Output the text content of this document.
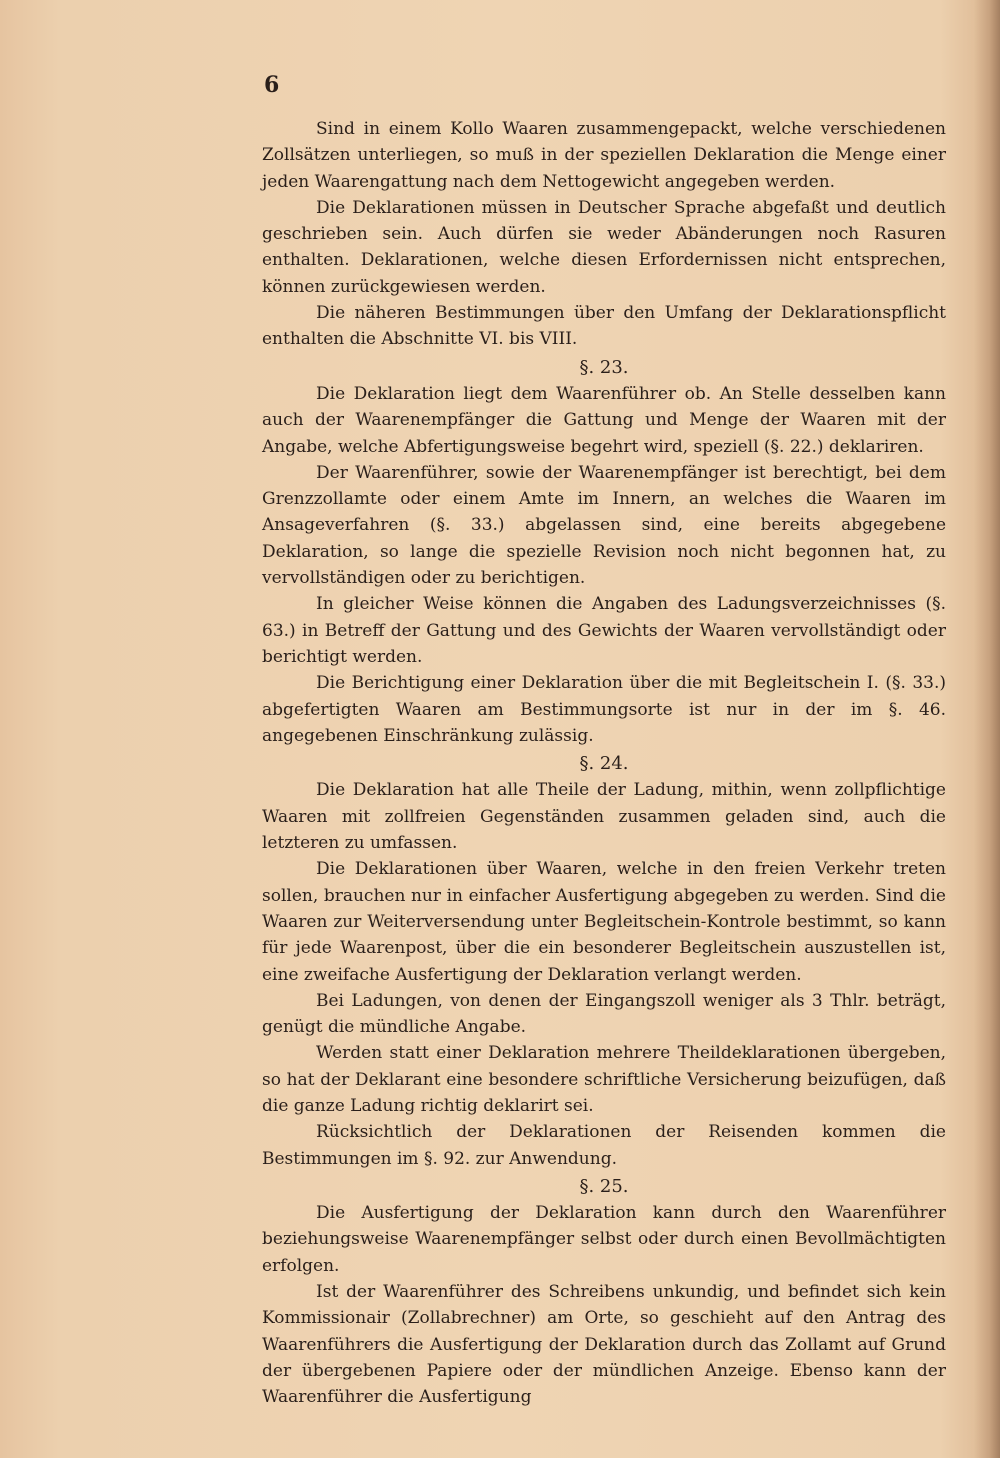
6

Sind in einem Kollo Waaren zusammengepackt, welche verschiedenen Zollsätzen unterliegen, so muß in der speziellen Deklaration die Menge einer jeden Waarengattung nach dem Nettogewicht angegeben werden.

Die Deklarationen müssen in Deutscher Sprache abgefaßt und deutlich geschrieben sein. Auch dürfen sie weder Abänderungen noch Rasuren enthalten. Deklarationen, welche diesen Erfordernissen nicht entsprechen, können zurückgewiesen werden.

Die näheren Bestimmungen über den Umfang der Deklarationspflicht enthalten die Abschnitte VI. bis VIII.

§. 23.

Die Deklaration liegt dem Waarenführer ob. An Stelle desselben kann auch der Waarenempfänger die Gattung und Menge der Waaren mit der Angabe, welche Abfertigungsweise begehrt wird, speziell (§. 22.) deklariren.

Der Waarenführer, sowie der Waarenempfänger ist berechtigt, bei dem Grenzzollamte oder einem Amte im Innern, an welches die Waaren im Ansageverfahren (§. 33.) abgelassen sind, eine bereits abgegebene Deklaration, so lange die spezielle Revision noch nicht begonnen hat, zu vervollständigen oder zu berichtigen.

In gleicher Weise können die Angaben des Ladungsverzeichnisses (§. 63.) in Betreff der Gattung und des Gewichts der Waaren vervollständigt oder berichtigt werden.

Die Berichtigung einer Deklaration über die mit Begleitschein I. (§. 33.) abgefertigten Waaren am Bestimmungsorte ist nur in der im §. 46. angegebenen Einschränkung zulässig.

§. 24.

Die Deklaration hat alle Theile der Ladung, mithin, wenn zollpflichtige Waaren mit zollfreien Gegenständen zusammen geladen sind, auch die letzteren zu umfassen.

Die Deklarationen über Waaren, welche in den freien Verkehr treten sollen, brauchen nur in einfacher Ausfertigung abgegeben zu werden. Sind die Waaren zur Weiterversendung unter Begleitschein-Kontrole bestimmt, so kann für jede Waarenpost, über die ein besonderer Begleitschein auszustellen ist, eine zweifache Ausfertigung der Deklaration verlangt werden.

Bei Ladungen, von denen der Eingangszoll weniger als 3 Thlr. beträgt, genügt die mündliche Angabe.

Werden statt einer Deklaration mehrere Theildeklarationen übergeben, so hat der Deklarant eine besondere schriftliche Versicherung beizufügen, daß die ganze Ladung richtig deklarirt sei.

Rücksichtlich der Deklarationen der Reisenden kommen die Bestimmungen im §. 92. zur Anwendung.

§. 25.

Die Ausfertigung der Deklaration kann durch den Waarenführer beziehungsweise Waarenempfänger selbst oder durch einen Bevollmächtigten erfolgen.

Ist der Waarenführer des Schreibens unkundig, und befindet sich kein Kommissionair (Zollabrechner) am Orte, so geschieht auf den Antrag des Waarenführers die Ausfertigung der Deklaration durch das Zollamt auf Grund der übergebenen Papiere oder der mündlichen Anzeige. Ebenso kann der Waarenführer die Ausfertigung
